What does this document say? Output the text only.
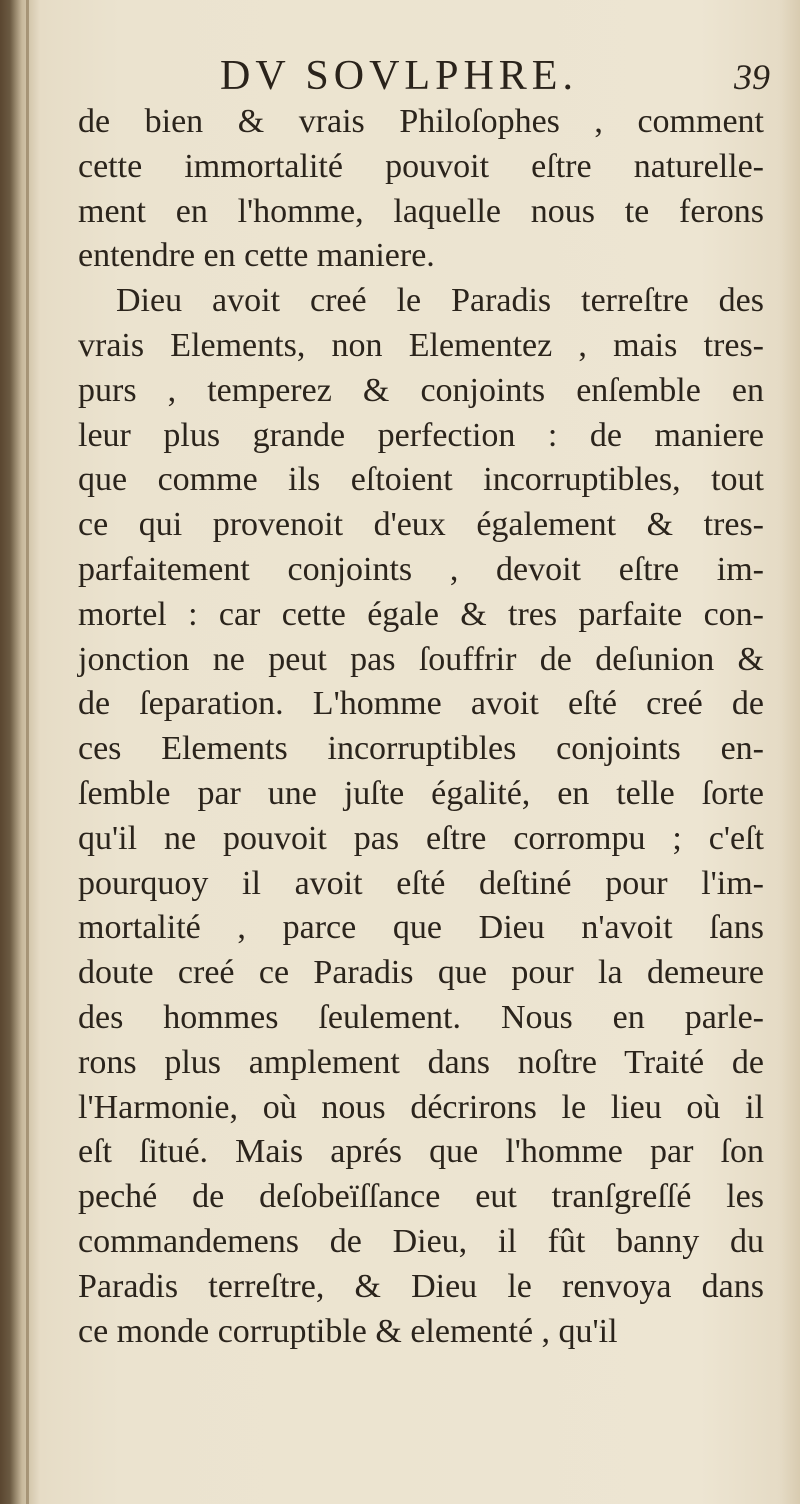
DV SOVLPHRE.	39
de bien & vrais Philoſophes , comment
cette immortalité pouvoit eſtre naturelle-
ment en l'homme, laquelle nous te ferons
entendre en cette maniere.
Dieu avoit creé le Paradis terreſtre des
vrais Elements, non Elementez , mais tres-
purs , temperez & conjoints enſemble en
leur plus grande perfection : de maniere
que comme ils eſtoient incorruptibles, tout
ce qui provenoit d'eux également & tres-
parfaitement conjoints , devoit eſtre im-
mortel : car cette égale & tres parfaite con-
jonction ne peut pas ſouffrir de deſunion &
de ſeparation. L'homme avoit eſté creé de
ces Elements incorruptibles conjoints en-
ſemble par une juſte égalité, en telle ſorte
qu'il ne pouvoit pas eſtre corrompu ; c'eſt
pourquoy il avoit eſté deſtiné pour l'im-
mortalité , parce que Dieu n'avoit ſans
doute creé ce Paradis que pour la demeure
des hommes ſeulement. Nous en parle-
rons plus amplement dans noſtre Traité de
l'Harmonie, où nous décrirons le lieu où il
eſt ſitué. Mais aprés que l'homme par ſon
peché de deſobeïſſance eut tranſgreſſé les
commandemens de Dieu, il fût banny du
Paradis terreſtre, & Dieu le renvoya dans
ce monde corruptible & elementé , qu'il
